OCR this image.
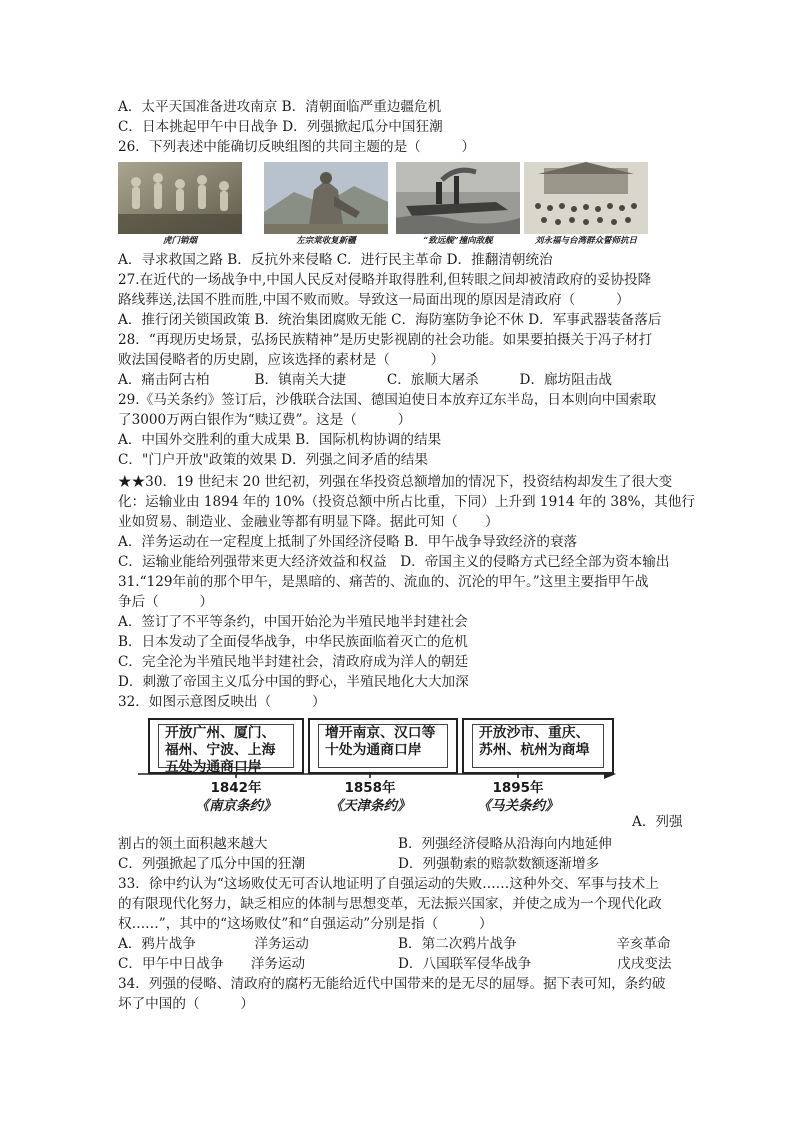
A．太平天国准备进攻南京 B．清朝面临严重边疆危机
C．日本挑起甲午中日战争 D．列强掀起瓜分中国狂潮
26．下列表述中能确切反映组图的共同主题的是（　　　）
A．寻求救国之路 B．反抗外来侵略 C．进行民主革命 D．推翻清朝统治
27.在近代的一场战争中,中国人民反对侵略并取得胜利,但转眼之间却被清政府的妥协投降
路线葬送,法国不胜而胜,中国不败而败。导致这一局面出现的原因是清政府（　　　）
A．推行闭关锁国政策 B．统治集团腐败无能 C．海防塞防争论不休 D．军事武器装备落后
28．“再现历史场景，弘扬民族精神”是历史影视剧的社会功能。如果要拍摄关于冯子材打
败法国侵略者的历史剧，应该选择的素材是（　　　）
A．痛击阿古柏　　　 B．镇南关大捷　　　C．旅顺大屠杀　　　D．廊坊阻击战
29.《马关条约》签订后，沙俄联合法国、德国迫使日本放弃辽东半岛，日本则向中国索取
了3000万两白银作为“赎辽费”。这是（　　　）
A．中国外交胜利的重大成果 B．国际机构协调的结果
C．"门户开放"政策的效果 D．列强之间矛盾的结果
★★30．19 世纪末 20 世纪初，列强在华投资总额增加的情况下，投资结构却发生了很大变
化：运输业由 1894 年的 10%（投资总额中所占比重，下同）上升到 1914 年的 38%，其他行
业如贸易、制造业、金融业等都有明显下降。据此可知（　　）
A．洋务运动在一定程度上抵制了外国经济侵略 B．甲午战争导致经济的衰落
C．运输业能给列强带来更大经济效益和权益　D．帝国主义的侵略方式已经全部为资本输出
31.“129年前的那个甲午，是黑暗的、痛苦的、流血的、沉沦的甲午。”这里主要指甲午战
争后（　　　）
A．签订了不平等条约，中国开始沦为半殖民地半封建社会
B．日本发动了全面侵华战争，中华民族面临着灭亡的危机
C．完全沦为半殖民地半封建社会，清政府成为洋人的朝廷
D．刺激了帝国主义瓜分中国的野心，半殖民地化大大加深
32．如图示意图反映出（　　　）
A．列强
割占的领土面积越来越大
C．列强掀起了瓜分中国的狂潮
33．徐中约认为“这场败仗无可否认地证明了自强运动的失败……这种外交、军事与技术上
的有限现代化努力，缺乏相应的体制与思想变革，无法振兴国家，并使之成为一个现代化政
权……”，其中的“这场败仗”和“自强运动”分别是指（　　　）
A．鸦片战争　　　　 洋务运动
C．甲午中日战争　　洋务运动
34．列强的侵略、清政府的腐朽无能给近代中国带来的是无尽的屈辱。据下表可知，条约破
坏了中国的（　　　）
B．列强经济侵略从沿海向内地延伸
D．列强勒索的赔款数额逐渐增多
B．第二次鸦片战争　　　　　　　 辛亥革命
D．八国联军侵华战争　　　　　　 戊戌变法
虎门销烟	左宗棠收复新疆	“致远舰”撞向敌舰	刘永福与台湾群众誓师抗日
开放广州、厦门、福州、宁波、上海五处为通商口岸
增开南京、汉口等十处为通商口岸
开放沙市、重庆、苏州、杭州为商埠
1842年	1858年	1895年
《南京条约》	《天津条约》	《马关条约》
